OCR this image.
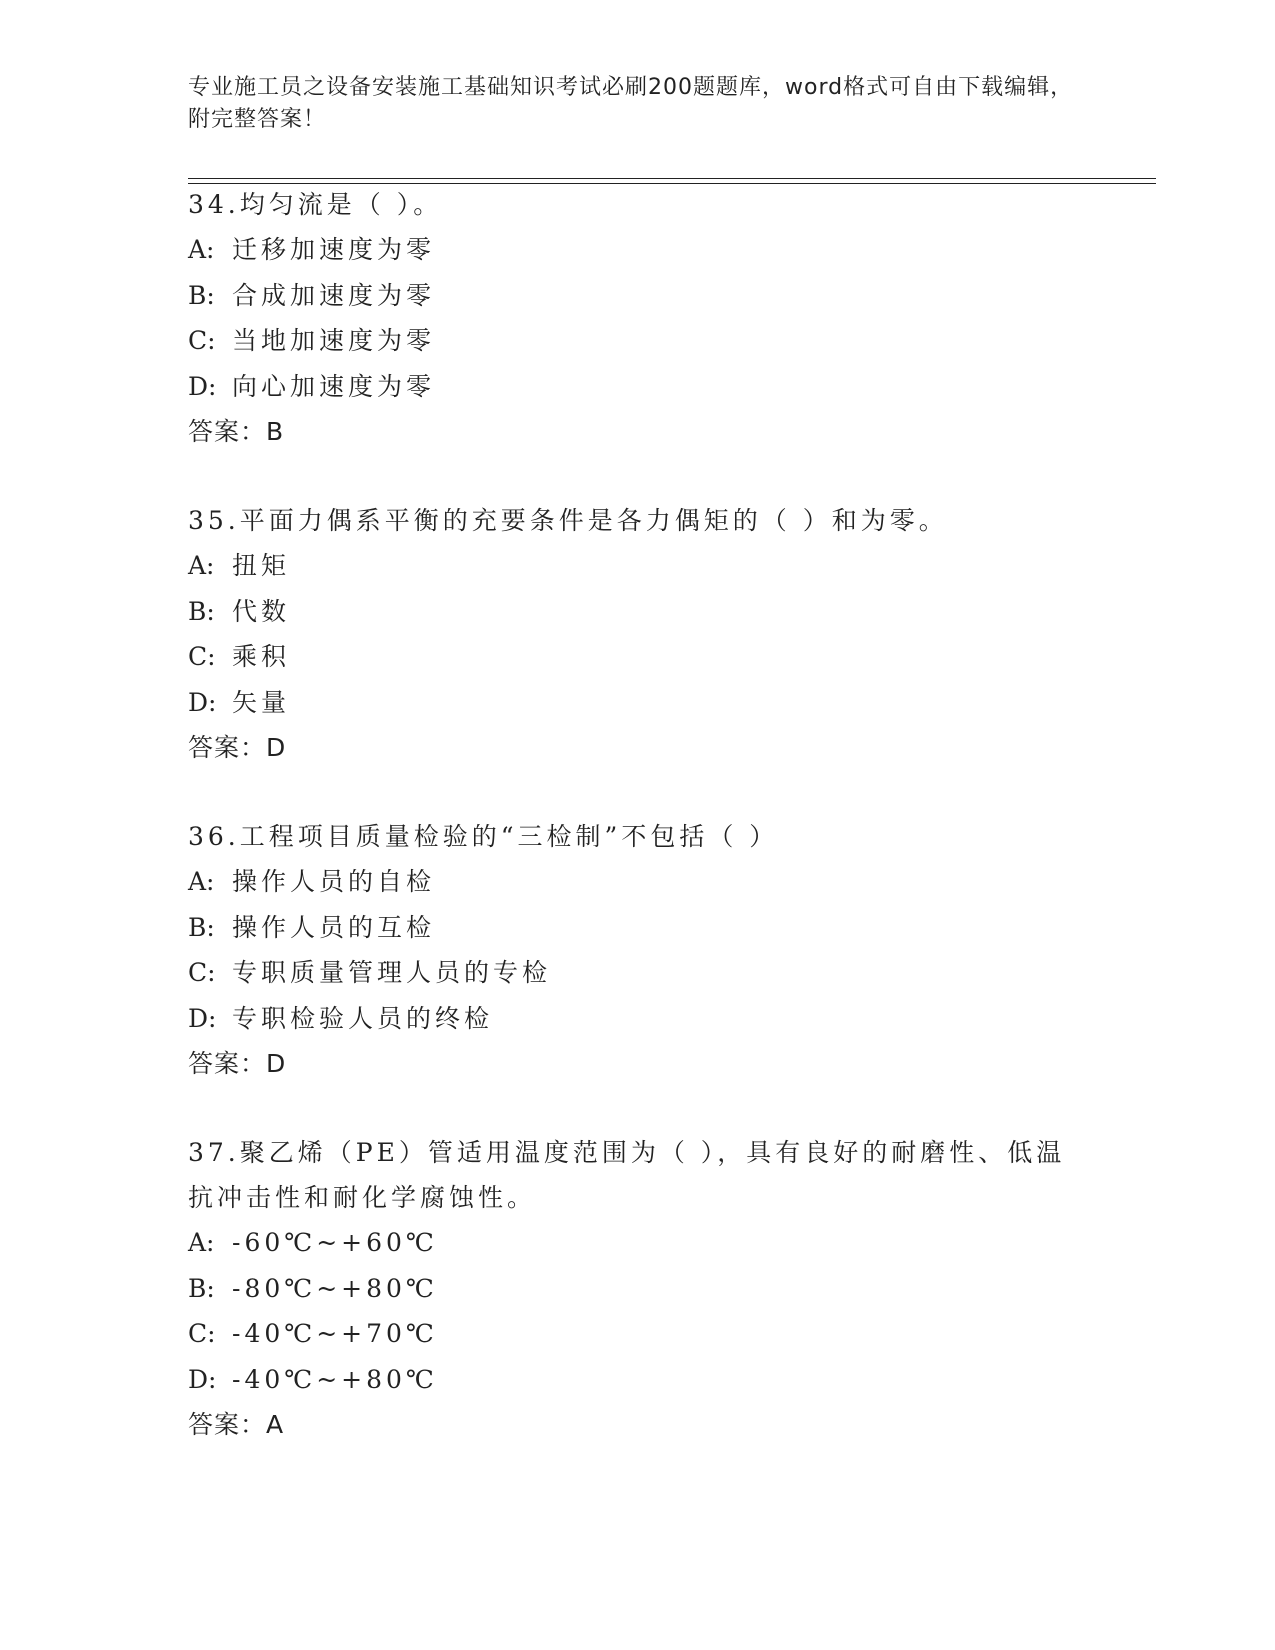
专业施工员之设备安装施工基础知识考试必刷200题题库，word格式可自由下载编辑，附完整答案！
34.均匀流是（ ）。
A: 迁移加速度为零
B: 合成加速度为零
C: 当地加速度为零
D: 向心加速度为零
答案：B
35.平面力偶系平衡的充要条件是各力偶矩的（ ）和为零。
A: 扭矩
B: 代数
C: 乘积
D: 矢量
答案：D
36.工程项目质量检验的“三检制”不包括（ ）
A: 操作人员的自检
B: 操作人员的互检
C: 专职质量管理人员的专检
D: 专职检验人员的终检
答案：D
37.聚乙烯（PE）管适用温度范围为（ ），具有良好的耐磨性、低温抗冲击性和耐化学腐蚀性。
A: -60℃~+60℃
B: -80℃~+80℃
C: -40℃~+70℃
D: -40℃~+80℃
答案：A
